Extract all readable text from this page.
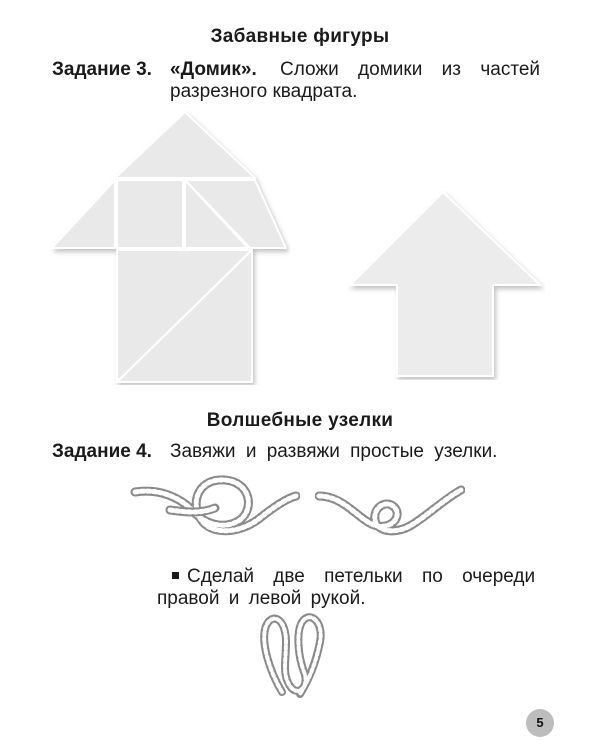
Забавные фигуры
Задание 3. «Домик». Сложи домики из частей
разрезного квадрата.
Волшебные узелки
Задание 4. Завяжи и развяжи простые узелки.
Сделай две петельки по очереди
правой и левой рукой.
5
